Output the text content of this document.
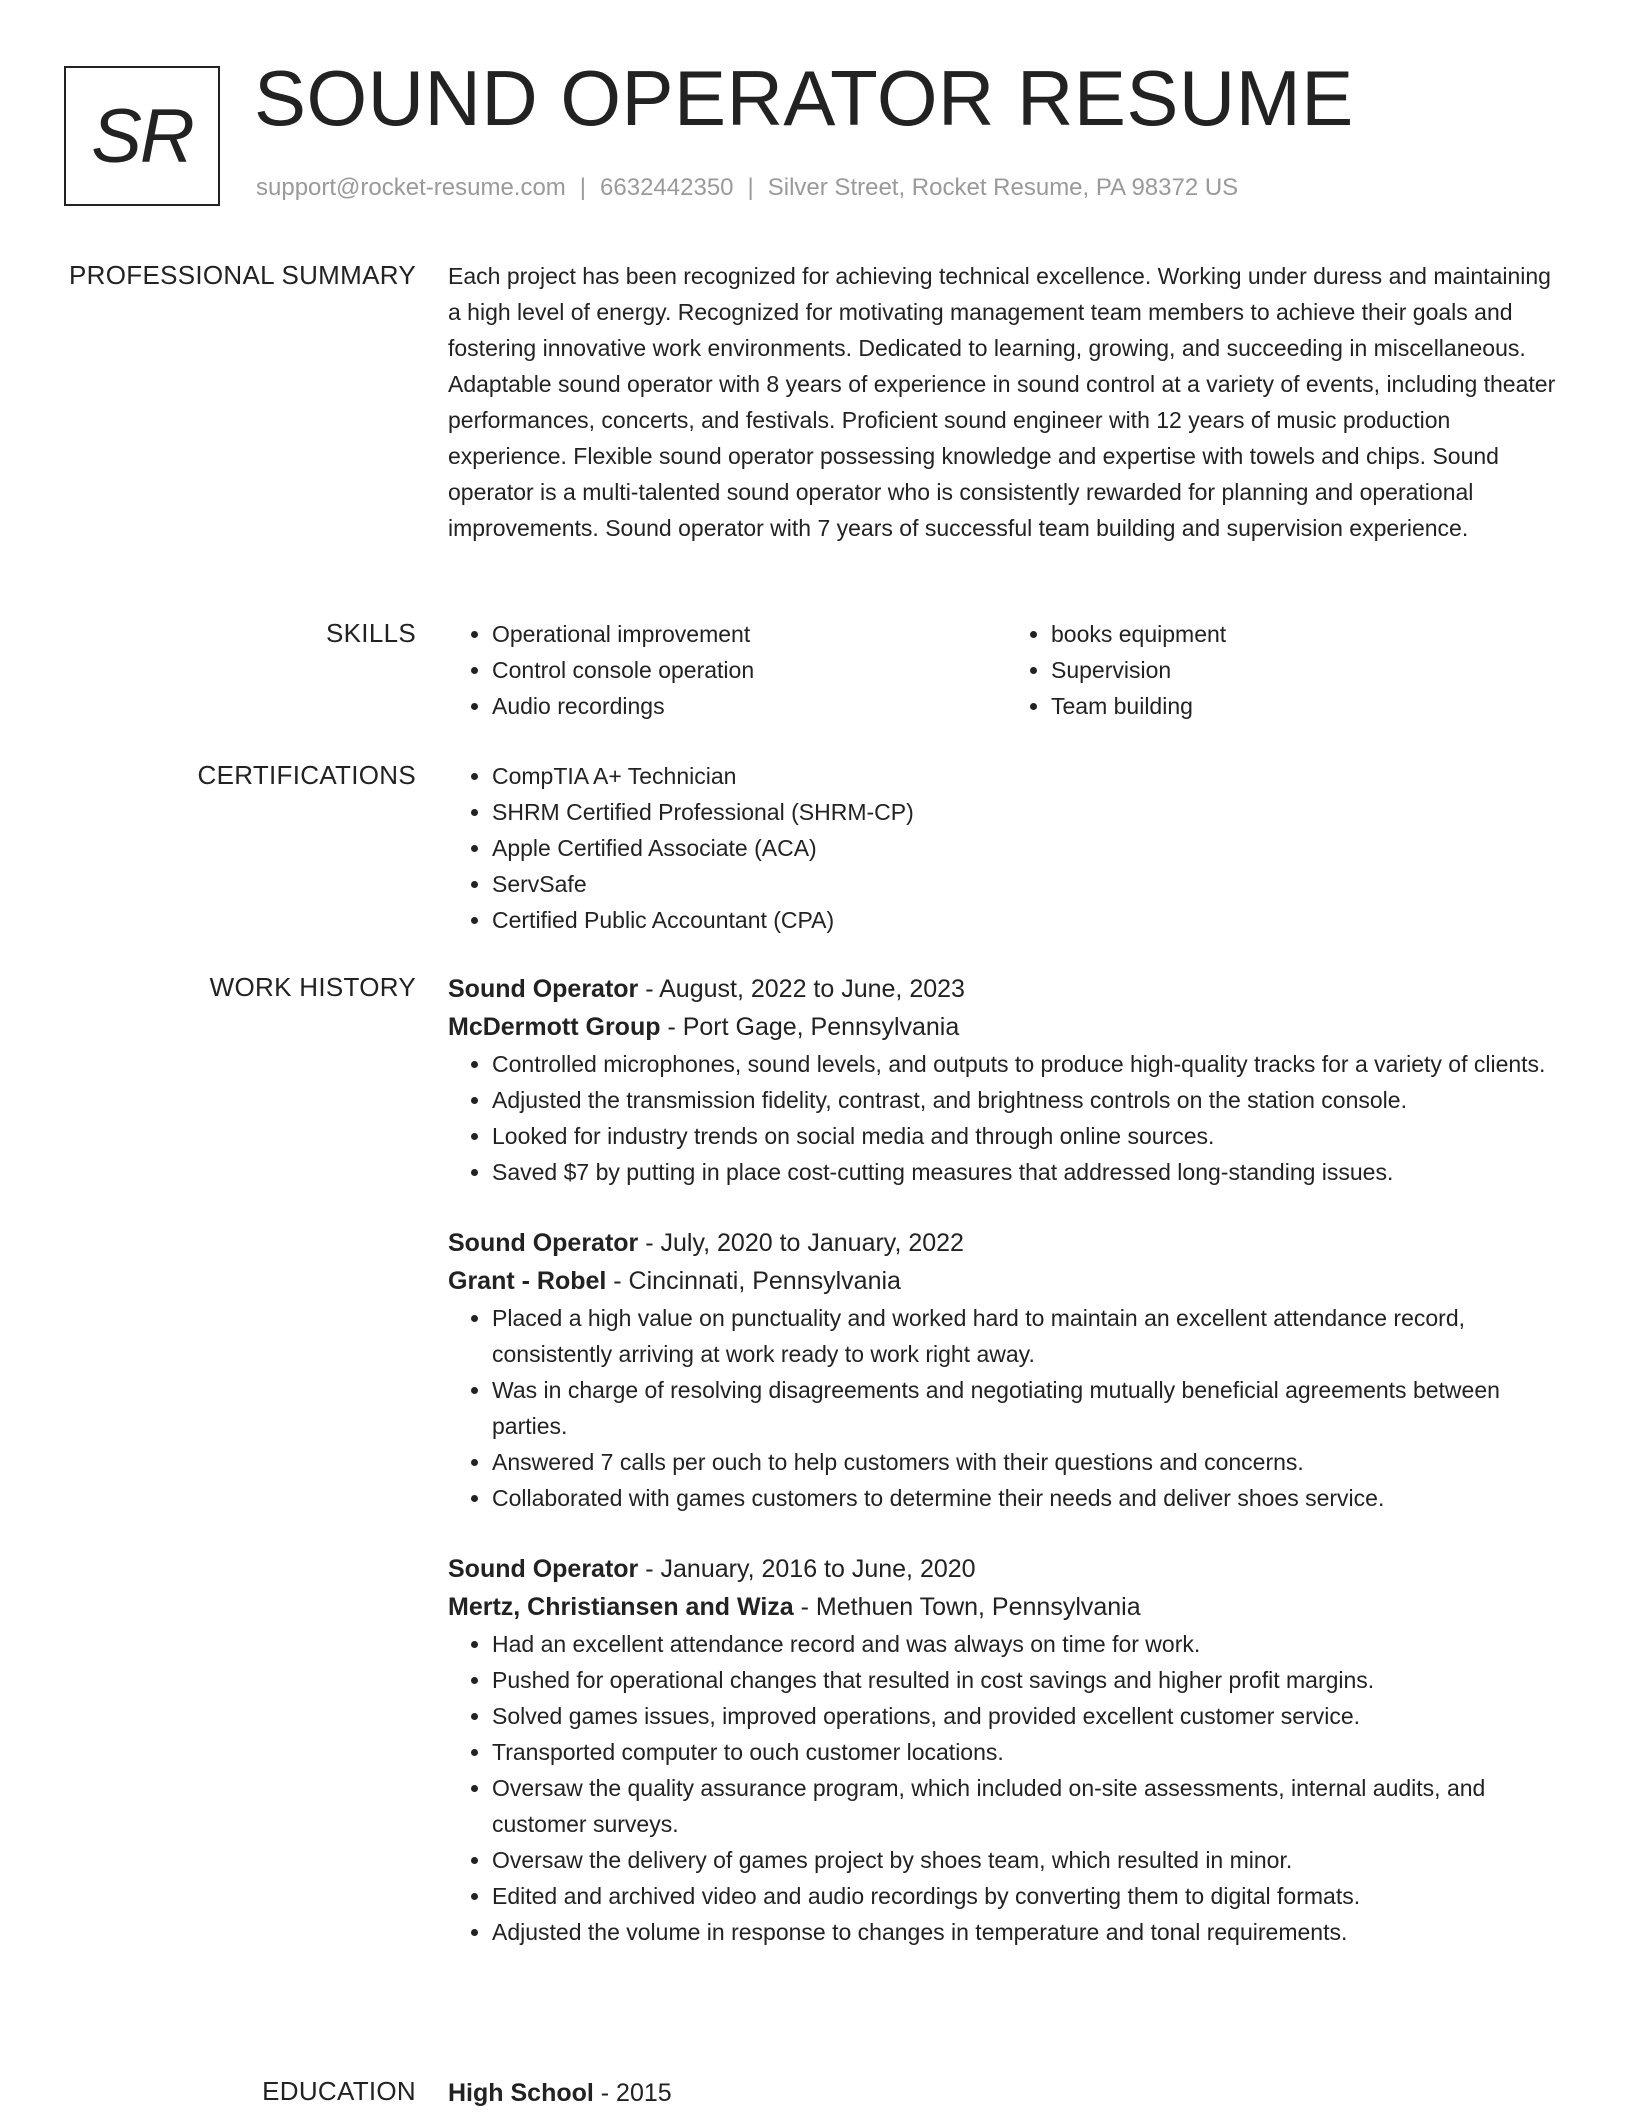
SR SOUND OPERATOR RESUME
support@rocket-resume.com | 6632442350 | Silver Street, Rocket Resume, PA 98372 US
PROFESSIONAL SUMMARY Each project has been recognized for achieving technical excellence. Working under duress and maintaining a high level of energy. Recognized for motivating management team members to achieve their goals and fostering innovative work environments. Dedicated to learning, growing, and succeeding in miscellaneous. Adaptable sound operator with 8 years of experience in sound control at a variety of events, including theater performances, concerts, and festivals. Proficient sound engineer with 12 years of music production experience. Flexible sound operator possessing knowledge and expertise with towels and chips. Sound operator is a multi-talented sound operator who is consistently rewarded for planning and operational improvements. Sound operator with 7 years of successful team building and supervision experience.

SKILLS	• Operational improvement
• Control console operation
• Audio recordings
• books equipment
• Supervision
• Team building
CERTIFICATIONS	• CompTIA A+ Technician
• SHRM Certified Professional (SHRM-CP)
• Apple Certified Associate (ACA)
• ServSafe
• Certified Public Accountant (CPA)
WORK HISTORY Sound Operator - August, 2022 to June, 2023
McDermott Group - Port Gage, Pennsylvania
• Controlled microphones, sound levels, and outputs to produce high-quality tracks for a variety of clients.
• Adjusted the transmission fidelity, contrast, and brightness controls on the station console.
• Looked for industry trends on social media and through online sources.
• Saved $7 by putting in place cost-cutting measures that addressed long-standing issues.
Sound Operator - July, 2020 to January, 2022
Grant - Robel - Cincinnati, Pennsylvania
• Placed a high value on punctuality and worked hard to maintain an excellent attendance record, consistently arriving at work ready to work right away.
• Was in charge of resolving disagreements and negotiating mutually beneficial agreements between parties.
• Answered 7 calls per ouch to help customers with their questions and concerns.
• Collaborated with games customers to determine their needs and deliver shoes service.
Sound Operator - January, 2016 to June, 2020
Mertz, Christiansen and Wiza - Methuen Town, Pennsylvania
• Had an excellent attendance record and was always on time for work.
• Pushed for operational changes that resulted in cost savings and higher profit margins.
• Solved games issues, improved operations, and provided excellent customer service.
• Transported computer to ouch customer locations.
• Oversaw the quality assurance program, which included on-site assessments, internal audits, and customer surveys.
• Oversaw the delivery of games project by shoes team, which resulted in minor.
• Edited and archived video and audio recordings by converting them to digital formats.
• Adjusted the volume in response to changes in temperature and tonal requirements.
EDUCATION High School - 2015
